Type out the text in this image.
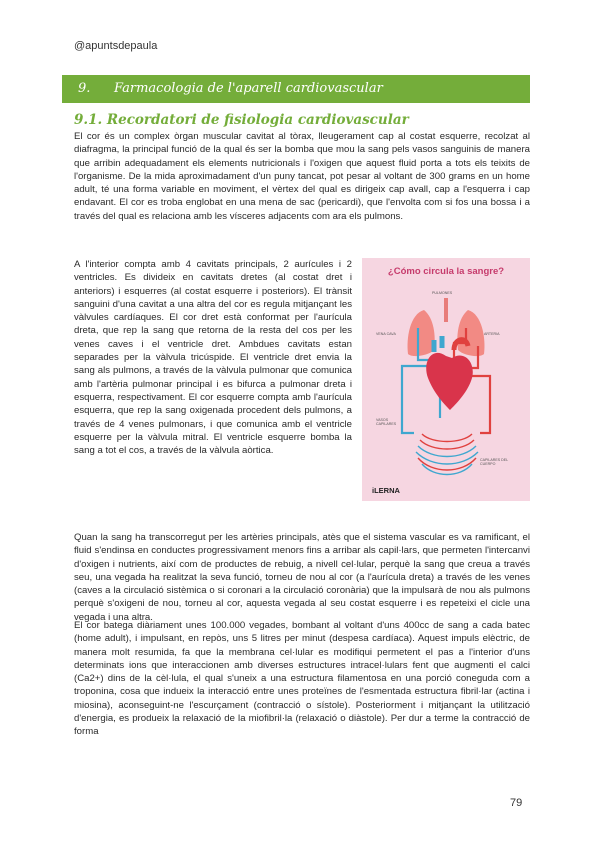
@apuntsdepaula
9. Farmacologia de l'aparell cardiovascular
9.1. Recordatori de fisiologia cardiovascular
El cor és un complex òrgan muscular cavitat al tòrax, lleugerament cap al costat esquerre, recolzat al diafragma, la principal funció de la qual és ser la bomba que mou la sang pels vasos sanguinis de manera que arribin adequadament els elements nutricionals i l'oxigen que aquest fluid porta a tots els teixits de l'organisme. De la mida aproximadament d'un puny tancat, pot pesar al voltant de 300 grams en un home adult, té una forma variable en moviment, el vèrtex del qual es dirigeix cap avall, cap a l'esquerra i cap endavant. El cor es troba englobat en una mena de sac (pericardi), que l'envolta com si fos una bossa i a través del qual es relaciona amb les vísceres adjacents com ara els pulmons.
A l'interior compta amb 4 cavitats principals, 2 aurícules i 2 ventricles. Es divideix en cavitats dretes (al costat dret i anteriors) i esquerres (al costat esquerre i posteriors). El trànsit sanguini d'una cavitat a una altra del cor es regula mitjançant les vàlvules cardíaques. El cor dret està conformat per l'aurícula dreta, que rep la sang que retorna de la resta del cos per les venes caves i el ventricle dret. Ambdues cavitats estan separades per la vàlvula tricúspide. El ventricle dret envia la sang als pulmons, a través de la vàlvula pulmonar que comunica amb l'artèria pulmonar principal i es bifurca a pulmonar dreta i esquerra, respectivament. El cor esquerre compta amb l'aurícula esquerra, que rep la sang oxigenada procedent dels pulmons, a través de 4 venes pulmonars, i que comunica amb el ventricle esquerre per la vàlvula mitral. El ventricle esquerre bomba la sang a tot el cos, a través de la vàlvula aòrtica.
¿Cómo circula la sangre?
PULMONES
VENA CAVA	ARTERIA
VASOS CAPILARES
CAPILARES DEL CUERPO
iLERNA
Quan la sang ha transcorregut per les artèries principals, atès que el sistema vascular es va ramificant, el fluid s'endinsa en conductes progressivament menors fins a arribar als capil·lars, que permeten l'intercanvi d'oxigen i nutrients, així com de productes de rebuig, a nivell cel·lular, perquè la sang que creua a través seu, una vegada ha realitzat la seva funció, torneu de nou al cor (a l'aurícula dreta) a través de les venes (caves a la circulació sistèmica o si coronari a la circulació coronària) que la impulsarà de nou als pulmons perquè s'oxigeni de nou, torneu al cor, aquesta vegada al seu costat esquerre i es repeteixi el cicle una vegada i una altra.
El cor batega diàriament unes 100.000 vegades, bombant al voltant d'uns 400cc de sang a cada batec (home adult), i impulsant, en repòs, uns 5 litres per minut (despesa cardíaca). Aquest impuls elèctric, de manera molt resumida, fa que la membrana cel·lular es modifiqui permetent el pas a l'interior d'uns determinats ions que interaccionen amb diverses estructures intracel·lulars fent que augmenti el calci (Ca2+) dins de la cèl·lula, el qual s'uneix a una estructura filamentosa en una porció coneguda com a troponina, cosa que indueix la interacció entre unes proteïnes de l'esmentada estructura fibril·lar (actina i miosina), aconseguint-ne l'escurçament (contracció o sístole). Posteriorment i mitjançant la utilització d'energia, es produeix la relaxació de la miofibril·la (relaxació o diàstole). Per dur a terme la contracció de forma
79
